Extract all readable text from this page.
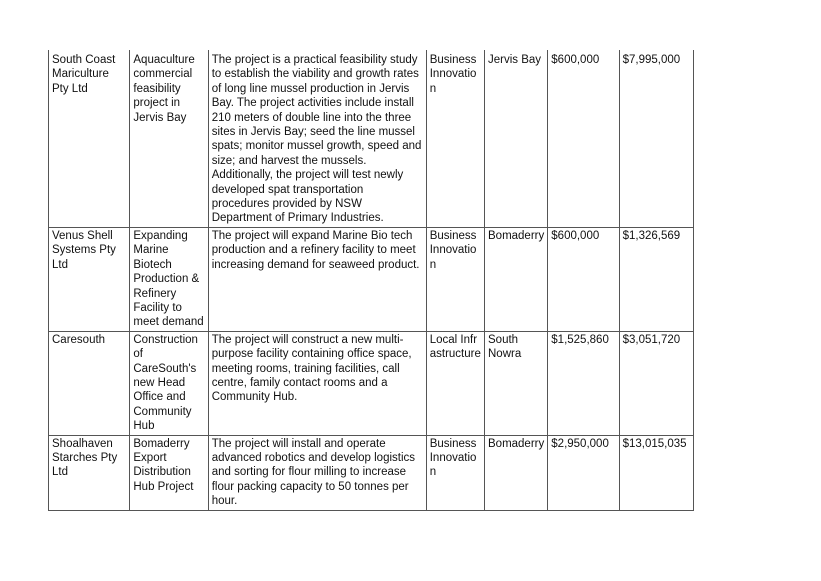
South Coast Mariculture Pty Ltd	Aquaculture commercial feasibility project in Jervis Bay	The project is a practical feasibility study to establish the viability and growth rates of long line mussel production in Jervis Bay. The project activities include install 210 meters of double line into the three sites in Jervis Bay; seed the line mussel spats; monitor mussel growth, speed and size; and harvest the mussels. Additionally, the project will test newly developed spat transportation procedures provided by NSW Department of Primary Industries.	Business Innovation	Jervis Bay	$600,000	$7,995,000
Venus Shell Systems Pty Ltd	Expanding Marine Biotech Production & Refinery Facility to meet demand	The project will expand Marine Bio tech production and a refinery facility to meet increasing demand for seaweed product.	Business Innovation	Bomaderry	$600,000	$1,326,569
Caresouth	Construction of CareSouth's new Head Office and Community Hub	The project will construct a new multi-purpose facility containing office space, meeting rooms, training facilities, call centre, family contact rooms and a Community Hub.	Local Infrastructure	South Nowra	$1,525,860	$3,051,720
Shoalhaven Starches Pty Ltd	Bomaderry Export Distribution Hub Project	The project will install and operate advanced robotics and develop logistics and sorting for flour milling to increase flour packing capacity to 50 tonnes per hour.	Business Innovation	Bomaderry	$2,950,000	$13,015,035
